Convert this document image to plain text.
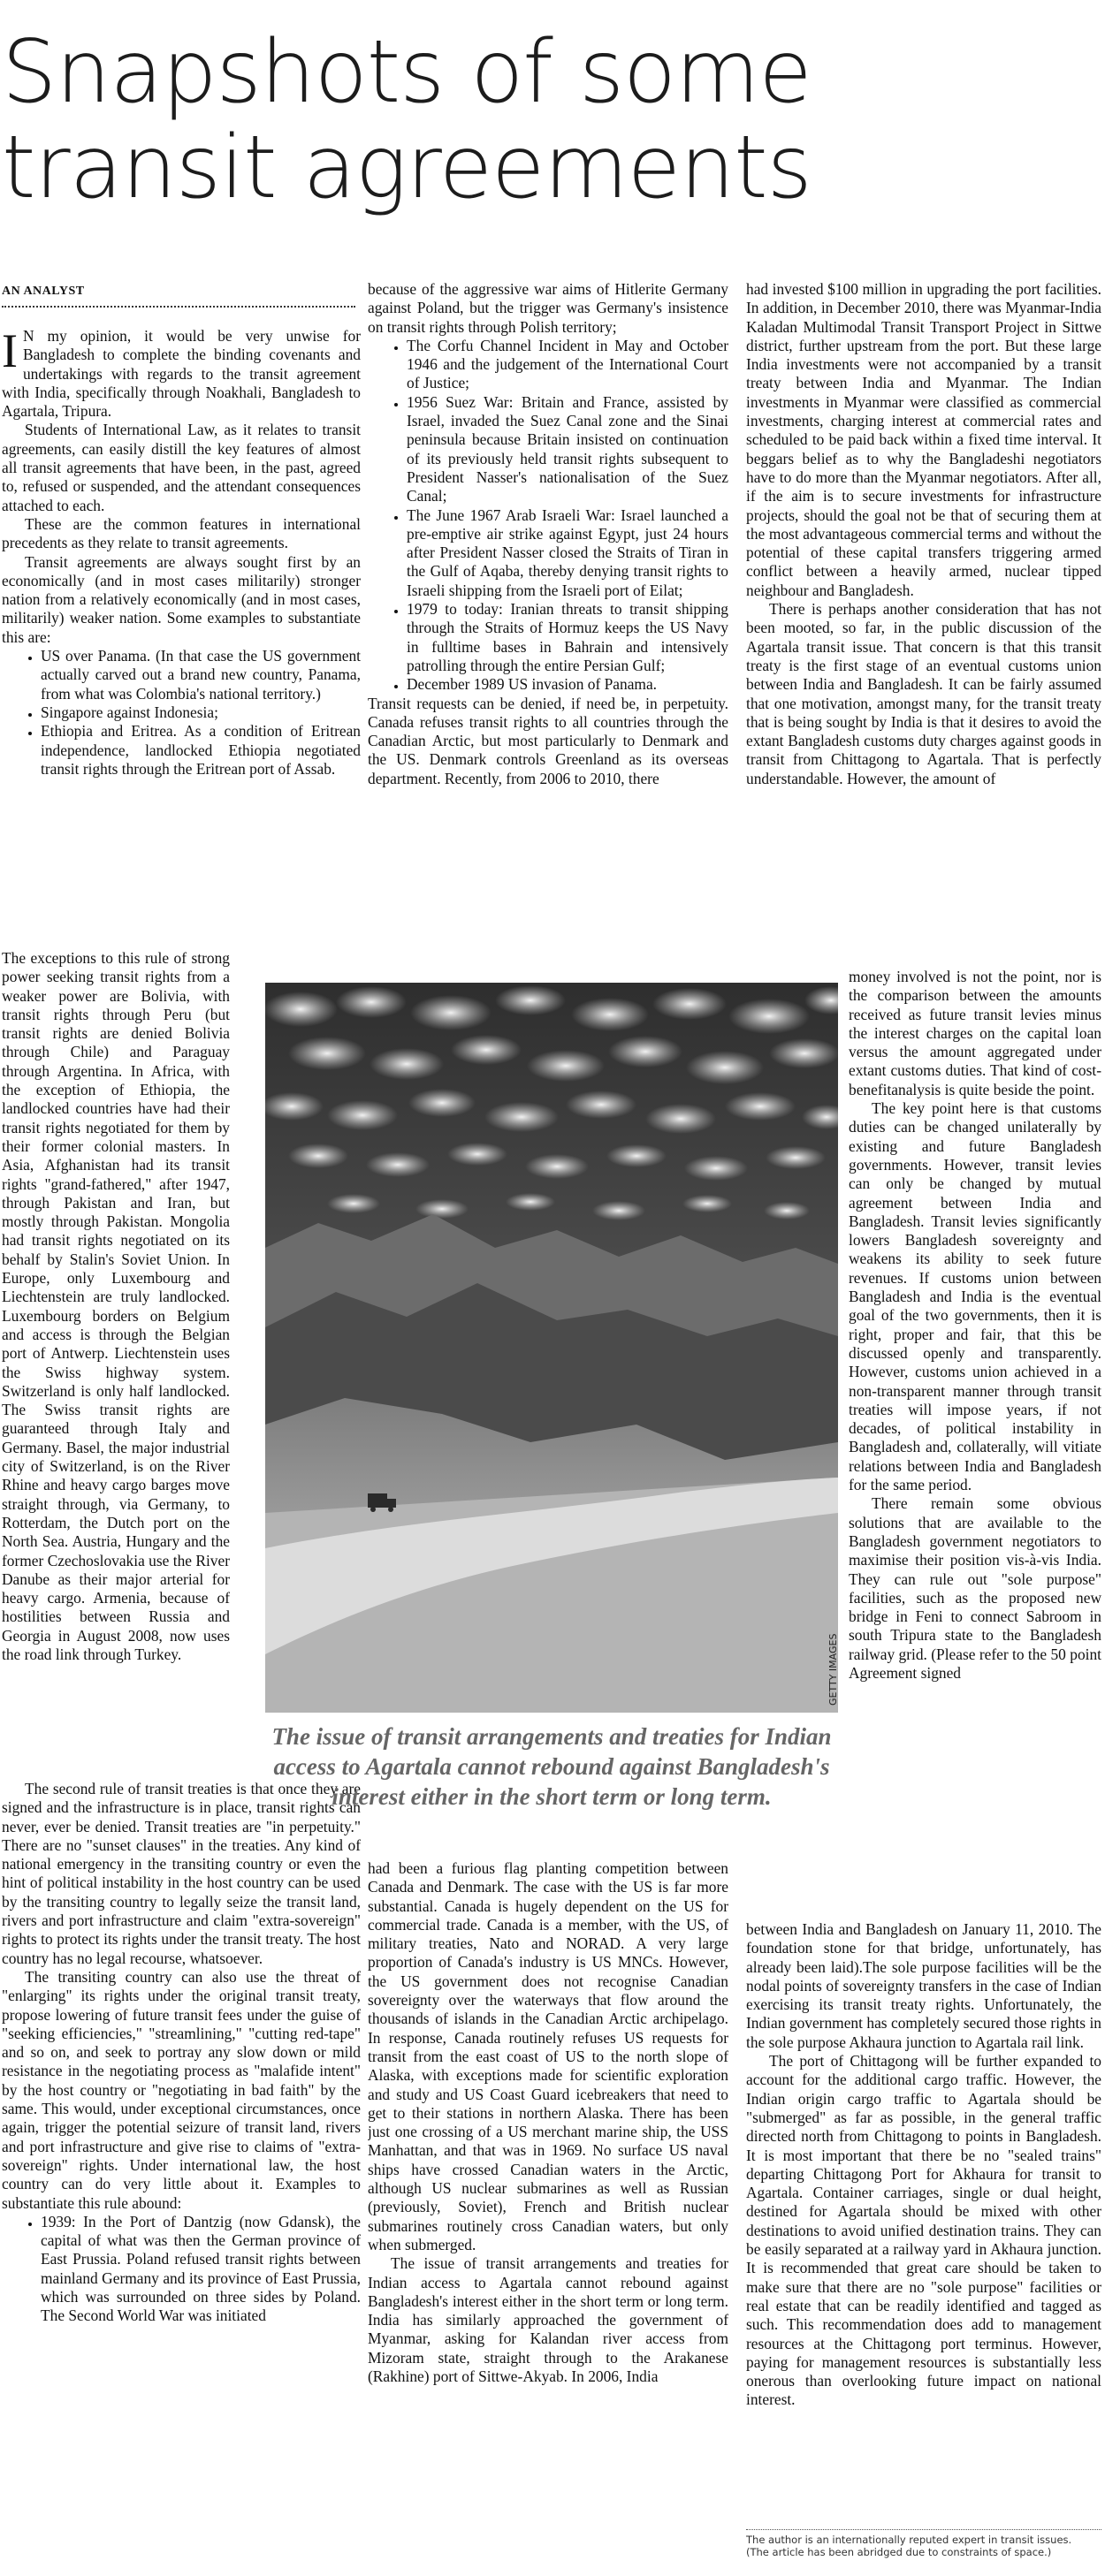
Snapshots of some transit agreements
AN ANALYST

I N my opinion, it would be very unwise for Bangladesh to complete the binding covenants and undertakings with regards to the transit agreement with India, specifically through Noakhali, Bangladesh to Agartala, Tripura.

Students of International Law, as it relates to transit agreements, can easily distill the key features of almost all transit agreements that have been, in the past, agreed to, refused or suspended, and the attendant consequences attached to each.

These are the common features in international precedents as they relate to transit agreements.

Transit agreements are always sought first by an economically (and in most cases militarily) stronger nation from a relatively economically (and in most cases, militarily) weaker nation. Some examples to substantiate this are:

• US over Panama. (In that case the US government actually carved out a brand new country, Panama, from what was Colombia's national territory.)
• Singapore against Indonesia;
• Ethiopia and Eritrea. As a condition of Eritrean independence, landlocked Ethiopia negotiated transit rights through the Eritrean port of Assab.

The exceptions to this rule of strong power seeking transit rights from a weaker power are Bolivia, with transit rights through Peru (but transit rights are denied Bolivia through Chile) and Paraguay through Argentina. In Africa, with the exception of Ethiopia, the landlocked countries have had their transit rights negotiated for them by their former colonial masters. In Asia, Afghanistan had its transit rights "grand-fathered," after 1947, through Pakistan and Iran, but mostly through Pakistan. Mongolia had transit rights negotiated on its behalf by Stalin's Soviet Union. In Europe, only Luxembourg and Liechtenstein are truly landlocked. Luxembourg borders on Belgium and access is through the Belgian port of Antwerp. Liechtenstein uses the Swiss highway system. Switzerland is only half landlocked. The Swiss transit rights are guaranteed through Italy and Germany. Basel, the major industrial city of Switzerland, is on the River Rhine and heavy cargo barges move straight through, via Germany, to Rotterdam, the Dutch port on the North Sea. Austria, Hungary and the former Czechoslovakia use the River Danube as their major arterial for heavy cargo. Armenia, because of hostilities between Russia and Georgia in August 2008, now uses the road link through Turkey.

The second rule of transit treaties is that once they are signed and the infrastructure is in place, transit rights can never, ever be denied. Transit treaties are "in perpetuity." There are no "sunset clauses" in the treaties. Any kind of national emergency in the transiting country or even the hint of political instability in the host country can be used by the transiting country to legally seize the transit land, rivers and port infrastructure and claim "extra-sovereign" rights to protect its rights under the transit treaty. The host country has no legal recourse, whatsoever.

The transiting country can also use the threat of "enlarging" its rights under the original transit treaty, propose lowering of future transit fees under the guise of "seeking efficiencies," "streamlining," "cutting red-tape" and so on, and seek to portray any slow down or mild resistance in the negotiating process as "malafide intent" by the host country or "negotiating in bad faith" by the same. This would, under exceptional circumstances, once again, trigger the potential seizure of transit land, rivers and port infrastructure and give rise to claims of "extra-sovereign" rights. Under international law, the host country can do very little about it. Examples to substantiate this rule abound:

• 1939: In the Port of Dantzig (now Gdansk), the capital of what was then the German province of East Prussia. Poland refused transit rights between mainland Germany and its province of East Prussia, which was surrounded on three sides by Poland. The Second World War was initiated

because of the aggressive war aims of Hitlerite Germany against Poland, but the trigger was Germany's insistence on transit rights through Polish territory;

• The Corfu Channel Incident in May and October 1946 and the judgement of the International Court of Justice;
• 1956 Suez War: Britain and France, assisted by Israel, invaded the Suez Canal zone and the Sinai peninsula because Britain insisted on continuation of its previously held transit rights subsequent to President Nasser's nationalisation of the Suez Canal;
• The June 1967 Arab Israeli War: Israel launched a pre-emptive air strike against Egypt, just 24 hours after President Nasser closed the Straits of Tiran in the Gulf of Aqaba, thereby denying transit rights to Israeli shipping from the Israeli port of Eilat;
• 1979 to today: Iranian threats to transit shipping through the Straits of Hormuz keeps the US Navy in fulltime bases in Bahrain and intensively patrolling through the entire Persian Gulf;
• December 1989 US invasion of Panama.

Transit requests can be denied, if need be, in perpetuity. Canada refuses transit rights to all countries through the Canadian Arctic, but most particularly to Denmark and the US. Denmark controls Greenland as its overseas department. Recently, from 2006 to 2010, there

had been a furious flag planting competition between Canada and Denmark. The case with the US is far more substantial. Canada is hugely dependent on the US for commercial trade. Canada is a member, with the US, of military treaties, Nato and NORAD. A very large proportion of Canada's industry is US MNCs. However, the US government does not recognise Canadian sovereignty over the waterways that flow around the thousands of islands in the Canadian Arctic archipelago. In response, Canada routinely refuses US requests for transit from the east coast of US to the north slope of Alaska, with exceptions made for scientific exploration and study and US Coast Guard icebreakers that need to get to their stations in northern Alaska. There has been just one crossing of a US merchant marine ship, the USS Manhattan, and that was in 1969. No surface US naval ships have crossed Canadian waters in the Arctic, although US nuclear submarines as well as Russian (previously, Soviet), French and British nuclear submarines routinely cross Canadian waters, but only when submerged.

The issue of transit arrangements and treaties for Indian access to Agartala cannot rebound against Bangladesh's interest either in the short term or long term. India has similarly approached the government of Myanmar, asking for Kalandan river access from Mizoram state, straight through to the Arakanese (Rakhine) port of Sittwe-Akyab. In 2006, India

had invested $100 million in upgrading the port facilities. In addition, in December 2010, there was Myanmar-India Kaladan Multimodal Transit Transport Project in Sittwe district, further upstream from the port. But these large India investments were not accompanied by a transit treaty between India and Myanmar. The Indian investments in Myanmar were classified as commercial investments, charging interest at commercial rates and scheduled to be paid back within a fixed time interval. It beggars belief as to why the Bangladeshi negotiators have to do more than the Myanmar negotiators. After all, if the aim is to secure investments for infrastructure projects, should the goal not be that of securing them at the most advantageous commercial terms and without the potential of these capital transfers triggering armed conflict between a heavily armed, nuclear tipped neighbour and Bangladesh.

There is perhaps another consideration that has not been mooted, so far, in the public discussion of the Agartala transit issue. That concern is that this transit treaty is the first stage of an eventual customs union between India and Bangladesh. It can be fairly assumed that one motivation, amongst many, for the transit treaty that is being sought by India is that it desires to avoid the extant Bangladesh customs duty charges against goods in transit from Chittagong to Agartala. That is perfectly understandable. However, the amount of

money involved is not the point, nor is the comparison between the amounts received as future transit levies minus the interest charges on the capital loan versus the amount aggregated under extant customs duties. That kind of cost-benefitanalysis is quite beside the point.

The key point here is that customs duties can be changed unilaterally by existing and future Bangladesh governments. However, transit levies can only be changed by mutual agreement between India and Bangladesh. Transit levies significantly lowers Bangladesh sovereignty and weakens its ability to seek future revenues. If customs union between Bangladesh and India is the eventual goal of the two governments, then it is right, proper and fair, that this be discussed openly and transparently. However, customs union achieved in a non-transparent manner through transit treaties will impose years, if not decades, of political instability in Bangladesh and, collaterally, will vitiate relations between India and Bangladesh for the same period.

There remain some obvious solutions that are available to the Bangladesh government negotiators to maximise their position vis-à-vis India. They can rule out "sole purpose" facilities, such as the proposed new bridge in Feni to connect Sabroom in south Tripura state to the Bangladesh railway grid. (Please refer to the 50 point Agreement signed

between India and Bangladesh on January 11, 2010. The foundation stone for that bridge, unfortunately, has already been laid).The sole purpose facilities will be the nodal points of sovereignty transfers in the case of Indian exercising its transit treaty rights. Unfortunately, the Indian government has completely secured those rights in the sole purpose Akhaura junction to Agartala rail link.

The port of Chittagong will be further expanded to account for the additional cargo traffic. However, the Indian origin cargo traffic to Agartala should be "submerged" as far as possible, in the general traffic directed north from Chittagong to points in Bangladesh. It is most important that there be no "sealed trains" departing Chittagong Port for Akhaura for transit to Agartala. Container carriages, single or dual height, destined for Agartala should be mixed with other destinations to avoid unified destination trains. They can be easily separated at a railway yard in Akhaura junction. It is recommended that great care should be taken to make sure that there are no "sole purpose" facilities or real estate that can be readily identified and tagged as such. This recommendation does add to management resources at the Chittagong port terminus. However, paying for management resources is substantially less onerous than overlooking future impact on national interest.

GETTY IMAGES

The issue of transit arrangements and treaties for Indian access to Agartala cannot rebound against Bangladesh's interest either in the short term or long term.

The author is an internationally reputed expert in transit issues.
(The article has been abridged due to constraints of space.)
